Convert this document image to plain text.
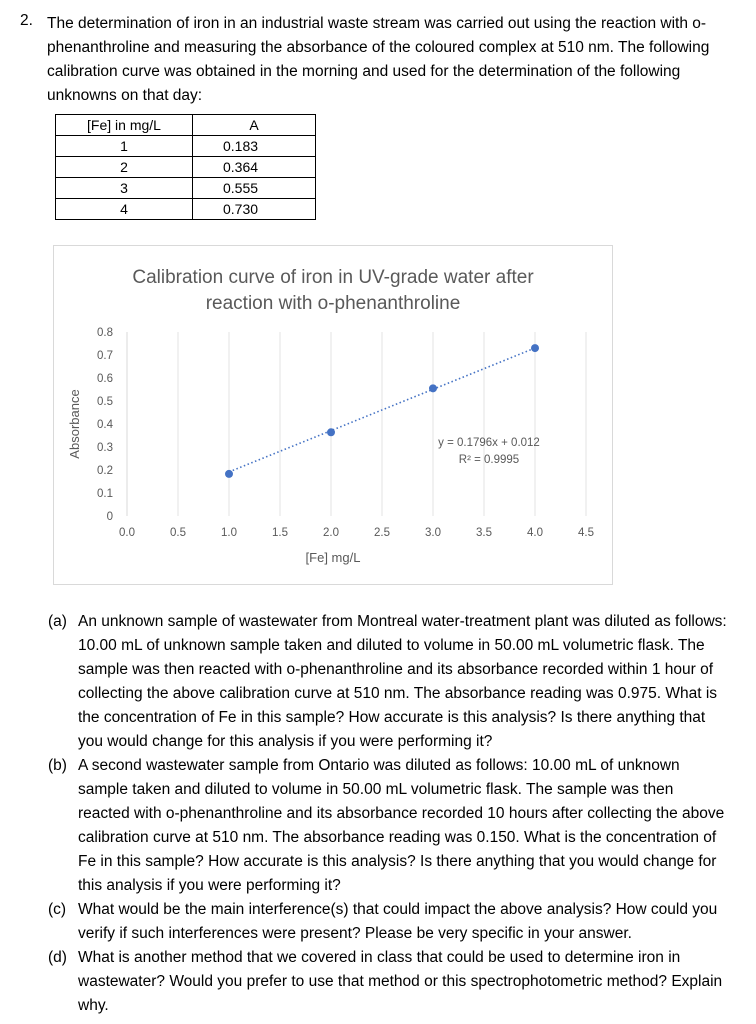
2. The determination of iron in an industrial waste stream was carried out using the reaction with o-phenanthroline and measuring the absorbance of the coloured complex at 510 nm. The following calibration curve was obtained in the morning and used for the determination of the following unknowns on that day:

[Fe] in mg/L	A
1	0.183
2	0.364
3	0.555
4	0.730
Calibration curve of iron in UV-grade water after
reaction with o-phenanthroline
0.0	0.5	1.0	1.5	2.0	2.5	3.0	3.5	4.0	4.5
0
0.1
0.2
0.3
0.4
0.5
0.6
0.7
0.8
[Fe] mg/L
Absorbance	y = 0.1796x + 0.012
R² = 0.9995
(a) An unknown sample of wastewater from Montreal water-treatment plant was diluted as follows: 10.00 mL of unknown sample taken and diluted to volume in 50.00 mL volumetric flask. The sample was then reacted with o-phenanthroline and its absorbance recorded within 1 hour of collecting the above calibration curve at 510 nm. The absorbance reading was 0.975. What is the concentration of Fe in this sample? How accurate is this analysis? Is there anything that you would change for this analysis if you were performing it?
(b) A second wastewater sample from Ontario was diluted as follows: 10.00 mL of unknown sample taken and diluted to volume in 50.00 mL volumetric flask. The sample was then reacted with o-phenanthroline and its absorbance recorded 10 hours after collecting the above calibration curve at 510 nm. The absorbance reading was 0.150. What is the concentration of Fe in this sample? How accurate is this analysis? Is there anything that you would change for this analysis if you were performing it?
(c) What would be the main interference(s) that could impact the above analysis? How could you verify if such interferences were present? Please be very specific in your answer.
(d) What is another method that we covered in class that could be used to determine iron in wastewater? Would you prefer to use that method or this spectrophotometric method? Explain why.
